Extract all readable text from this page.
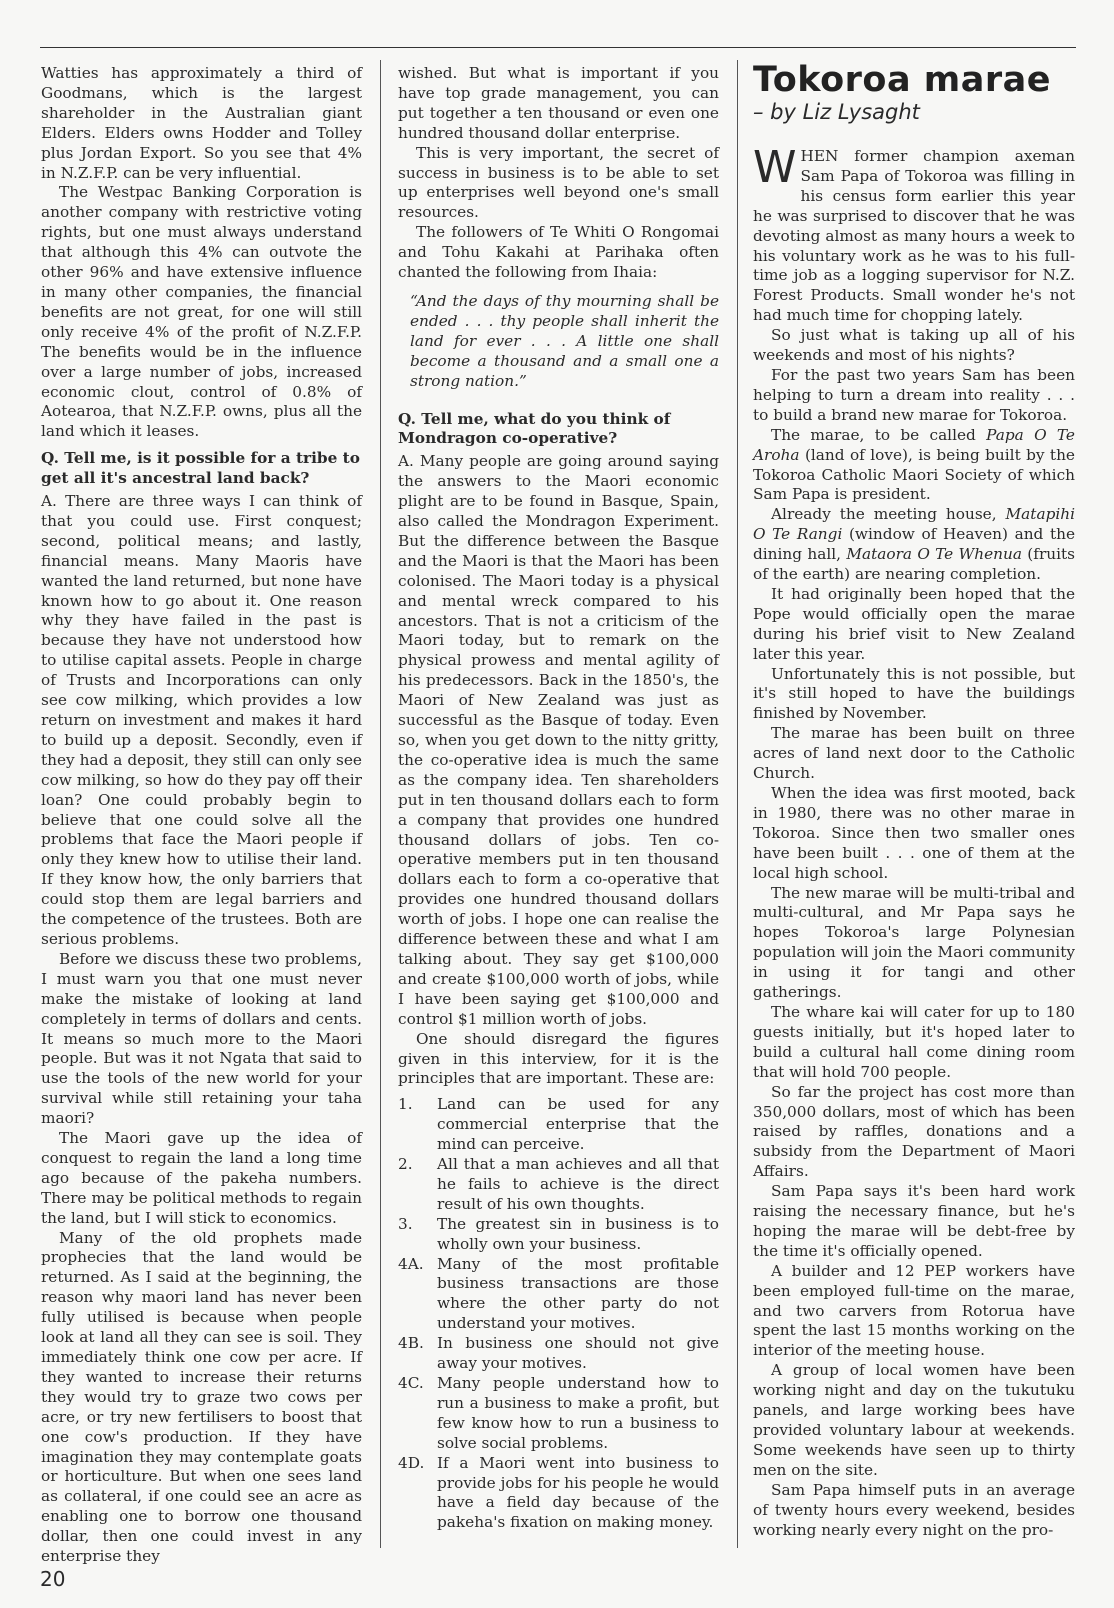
Watties has approximately a third of Goodmans, which is the largest shareholder in the Australian giant Elders. Elders owns Hodder and Tolley plus Jordan Export. So you see that 4% in N.Z.F.P. can be very influential.

The Westpac Banking Corporation is another company with restrictive voting rights, but one must always understand that although this 4% can outvote the other 96% and have extensive influence in many other companies, the financial benefits are not great, for one will still only receive 4% of the profit of N.Z.F.P. The benefits would be in the influence over a large number of jobs, increased economic clout, control of 0.8% of Aotearoa, that N.Z.F.P. owns, plus all the land which it leases.

Q. Tell me, is it possible for a tribe to get all it's ancestral land back?

A. There are three ways I can think of that you could use. First conquest; second, political means; and lastly, financial means. Many Maoris have wanted the land returned, but none have known how to go about it. One reason why they have failed in the past is because they have not understood how to utilise capital assets. People in charge of Trusts and Incorporations can only see cow milking, which provides a low return on investment and makes it hard to build up a deposit. Secondly, even if they had a deposit, they still can only see cow milking, so how do they pay off their loan? One could probably begin to believe that one could solve all the problems that face the Maori people if only they knew how to utilise their land. If they know how, the only barriers that could stop them are legal barriers and the competence of the trustees. Both are serious problems.

Before we discuss these two problems, I must warn you that one must never make the mistake of looking at land completely in terms of dollars and cents. It means so much more to the Maori people. But was it not Ngata that said to use the tools of the new world for your survival while still retaining your taha maori?

The Maori gave up the idea of conquest to regain the land a long time ago because of the pakeha numbers. There may be political methods to regain the land, but I will stick to economics.

Many of the old prophets made prophecies that the land would be returned. As I said at the beginning, the reason why maori land has never been fully utilised is because when people look at land all they can see is soil. They immediately think one cow per acre. If they wanted to increase their returns they would try to graze two cows per acre, or try new fertilisers to boost that one cow's production. If they have imagination they may contemplate goats or horticulture. But when one sees land as collateral, if one could see an acre as enabling one to borrow one thousand dollar, then one could invest in any enterprise they

wished. But what is important if you have top grade management, you can put together a ten thousand or even one hundred thousand dollar enterprise.

This is very important, the secret of success in business is to be able to set up enterprises well beyond one's small resources.

The followers of Te Whiti O Rongomai and Tohu Kakahi at Parihaka often chanted the following from Ihaia:

“And the days of thy mourning shall be ended . . . thy people shall inherit the land for ever . . . A little one shall become a thousand and a small one a strong nation.”

Q. Tell me, what do you think of Mondragon co-operative?

A. Many people are going around saying the answers to the Maori economic plight are to be found in Basque, Spain, also called the Mondragon Experiment. But the difference between the Basque and the Maori is that the Maori has been colonised. The Maori today is a physical and mental wreck compared to his ancestors. That is not a criticism of the Maori today, but to remark on the physical prowess and mental agility of his predecessors. Back in the 1850's, the Maori of New Zealand was just as successful as the Basque of today. Even so, when you get down to the nitty gritty, the co-operative idea is much the same as the company idea. Ten shareholders put in ten thousand dollars each to form a company that provides one hundred thousand dollars of jobs. Ten co-operative members put in ten thousand dollars each to form a co-operative that provides one hundred thousand dollars worth of jobs. I hope one can realise the difference between these and what I am talking about. They say get $100,000 and create $100,000 worth of jobs, while I have been saying get $100,000 and control $1 million worth of jobs.

One should disregard the figures given in this interview, for it is the principles that are important. These are:

1. Land can be used for any commercial enterprise that the mind can perceive.
2. All that a man achieves and all that he fails to achieve is the direct result of his own thoughts.
3. The greatest sin in business is to wholly own your business.
4A. Many of the most profitable business transactions are those where the other party do not understand your motives.
4B. In business one should not give away your motives.
4C. Many people understand how to run a business to make a profit, but few know how to run a business to solve social problems.
4D. If a Maori went into business to provide jobs for his people he would have a field day because of the pakeha's fixation on making money.
Tokoroa marae
– by Liz Lysaght

WHEN former champion axeman Sam Papa of Tokoroa was filling in his census form earlier this year he was surprised to discover that he was devoting almost as many hours a week to his voluntary work as he was to his full-time job as a logging supervisor for N.Z. Forest Products. Small wonder he's not had much time for chopping lately.

So just what is taking up all of his weekends and most of his nights?

For the past two years Sam has been helping to turn a dream into reality . . . to build a brand new marae for Tokoroa.

The marae, to be called Papa O Te Aroha (land of love), is being built by the Tokoroa Catholic Maori Society of which Sam Papa is president.

Already the meeting house, Matapihi O Te Rangi (window of Heaven) and the dining hall, Mataora O Te Whenua (fruits of the earth) are nearing completion.

It had originally been hoped that the Pope would officially open the marae during his brief visit to New Zealand later this year.

Unfortunately this is not possible, but it's still hoped to have the buildings finished by November.

The marae has been built on three acres of land next door to the Catholic Church.

When the idea was first mooted, back in 1980, there was no other marae in Tokoroa. Since then two smaller ones have been built . . . one of them at the local high school.

The new marae will be multi-tribal and multi-cultural, and Mr Papa says he hopes Tokoroa's large Polynesian population will join the Maori community in using it for tangi and other gatherings.

The whare kai will cater for up to 180 guests initially, but it's hoped later to build a cultural hall come dining room that will hold 700 people.

So far the project has cost more than 350,000 dollars, most of which has been raised by raffles, donations and a subsidy from the Department of Maori Affairs.

Sam Papa says it's been hard work raising the necessary finance, but he's hoping the marae will be debt-free by the time it's officially opened.

A builder and 12 PEP workers have been employed full-time on the marae, and two carvers from Rotorua have spent the last 15 months working on the interior of the meeting house.

A group of local women have been working night and day on the tukutuku panels, and large working bees have provided voluntary labour at weekends. Some weekends have seen up to thirty men on the site.

Sam Papa himself puts in an average of twenty hours every weekend, besides working nearly every night on the pro-

20
